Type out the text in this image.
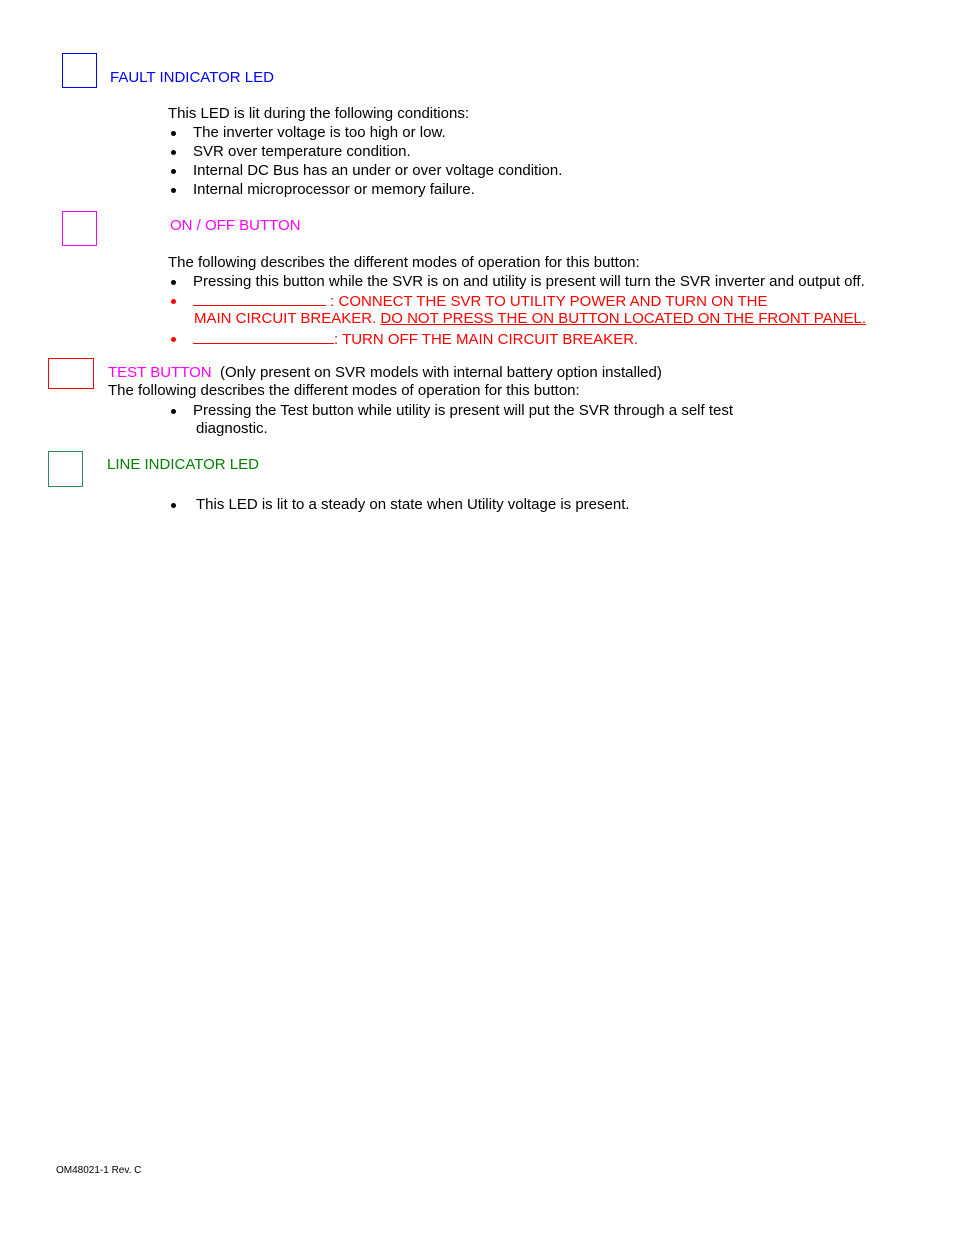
FAULT INDICATOR LED
This LED is lit during the following conditions:
The inverter voltage is too high or low.
SVR over temperature condition.
Internal DC Bus has an under or over voltage condition.
Internal microprocessor or memory failure.
ON / OFF BUTTON
The following describes the different modes of operation for this button:
Pressing this button while the SVR is on and utility is present will turn the SVR inverter and output off.
: CONNECT THE SVR TO UTILITY POWER AND TURN ON THE
MAIN CIRCUIT BREAKER. DO NOT PRESS THE ON BUTTON LOCATED ON THE FRONT PANEL.
: TURN OFF THE MAIN CIRCUIT BREAKER.
TEST BUTTON (Only present on SVR models with internal battery option installed)
The following describes the different modes of operation for this button:
Pressing the Test button while utility is present will put the SVR through a self test
diagnostic.
LINE INDICATOR LED
This LED is lit to a steady on state when Utility voltage is present.
OM48021-1 Rev. C
